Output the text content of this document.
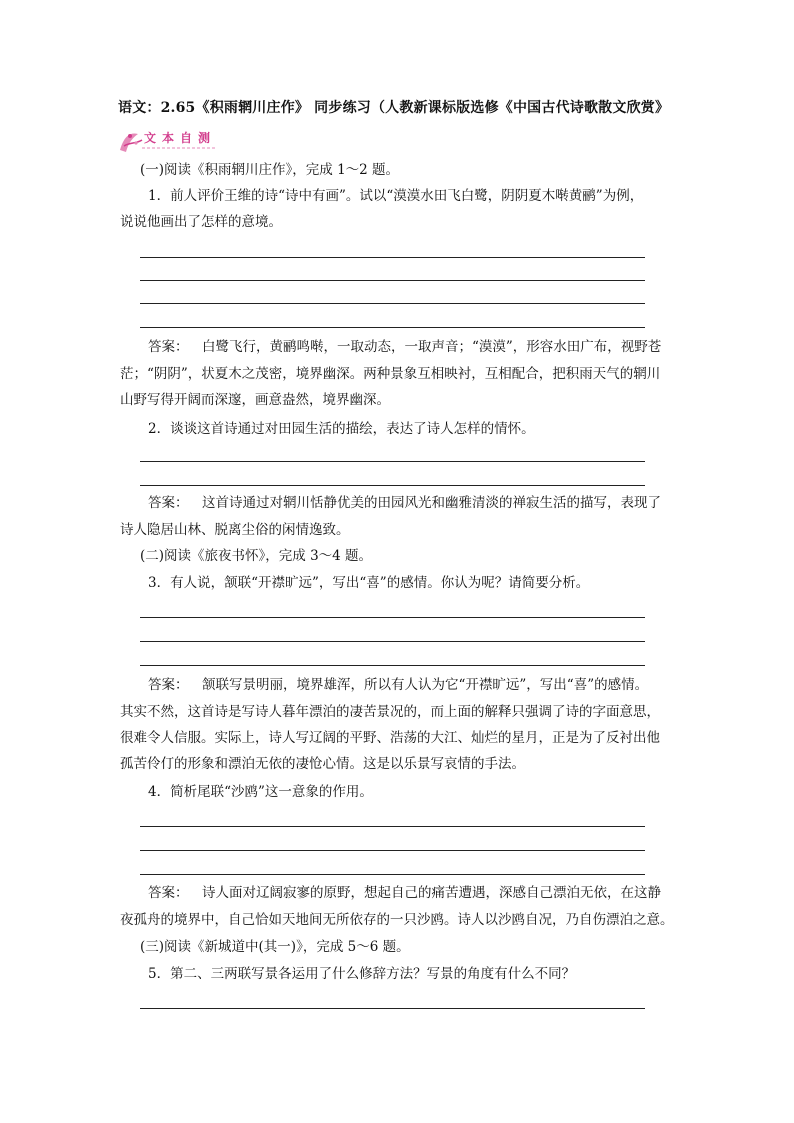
语文：2.65《积雨辋川庄作》 同步练习（人教新课标版选修《中国古代诗歌散文欣赏》
文本自测
(一)阅读《积雨辋川庄作》，完成 1～2 题。
1．前人评价王维的诗“诗中有画”。试以“漠漠水田飞白鹭，阴阴夏木啭黄鹂”为例，
说说他画出了怎样的意境。
答案： 白鹭飞行，黄鹂鸣啭，一取动态，一取声音；“漠漠”，形容水田广布，视野苍
茫；“阴阴”，状夏木之茂密，境界幽深。两种景象互相映衬，互相配合，把积雨天气的辋川
山野写得开阔而深邃，画意盎然，境界幽深。
2．谈谈这首诗通过对田园生活的描绘，表达了诗人怎样的情怀。
答案： 这首诗通过对辋川恬静优美的田园风光和幽雅清淡的禅寂生活的描写，表现了
诗人隐居山林、脱离尘俗的闲情逸致。
(二)阅读《旅夜书怀》，完成 3～4 题。
3．有人说，颔联“开襟旷远”，写出“喜”的感情。你认为呢？请简要分析。
答案： 颔联写景明丽，境界雄浑，所以有人认为它“开襟旷远”，写出“喜”的感情。
其实不然，这首诗是写诗人暮年漂泊的凄苦景况的，而上面的解释只强调了诗的字面意思，
很难令人信服。实际上，诗人写辽阔的平野、浩荡的大江、灿烂的星月，正是为了反衬出他
孤苦伶仃的形象和漂泊无依的凄怆心情。这是以乐景写哀情的手法。
4．简析尾联“沙鸥”这一意象的作用。
答案： 诗人面对辽阔寂寥的原野，想起自己的痛苦遭遇，深感自己漂泊无依，在这静
夜孤舟的境界中，自己恰如天地间无所依存的一只沙鸥。诗人以沙鸥自况，乃自伤漂泊之意。
(三)阅读《新城道中(其一)》，完成 5～6 题。
5．第二、三两联写景各运用了什么修辞方法？写景的角度有什么不同？
